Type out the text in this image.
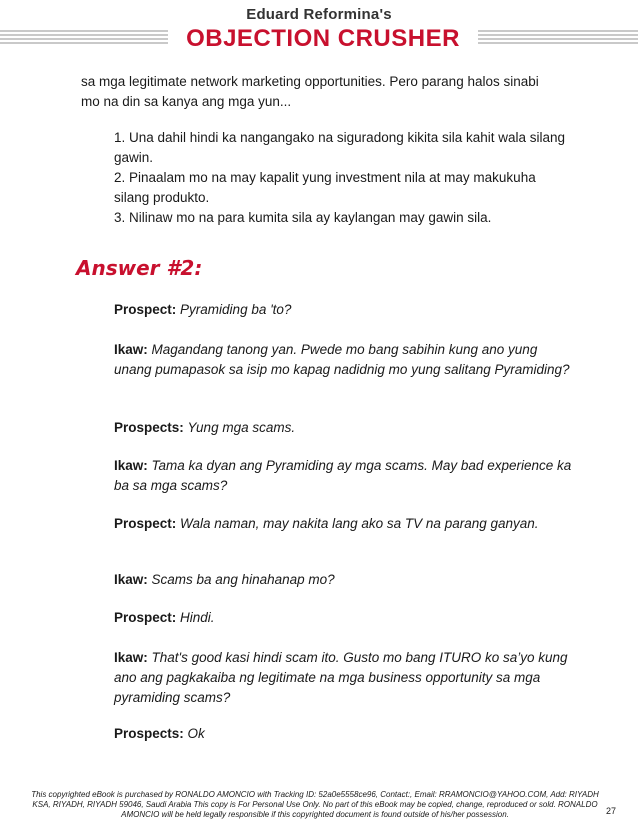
Eduard Reformina's
OBJECTION CRUSHER
sa mga legitimate network marketing opportunities. Pero parang halos sinabi mo na din sa kanya ang mga yun...
1. Una dahil hindi ka nangangako na siguradong kikita sila kahit wala silang gawin.
2. Pinaalam mo na may kapalit yung investment nila at may makukuha silang produkto.
3. Nilinaw mo na para kumita sila ay kaylangan may gawin sila.
Answer #2:
Prospect: Pyramiding ba 'to?
Ikaw: Magandang tanong yan. Pwede mo bang sabihin kung ano yung unang pumapasok sa isip mo kapag nadidnig mo yung salitang Pyramiding?
Prospects: Yung mga scams.
Ikaw: Tama ka dyan ang Pyramiding ay mga scams. May bad experience ka ba sa mga scams?
Prospect: Wala naman, may nakita lang ako sa TV na parang ganyan.
Ikaw: Scams ba ang hinahanap mo?
Prospect: Hindi.
Ikaw: That's good kasi hindi scam ito. Gusto mo bang ITURO ko sa’yo kung ano ang pagkakaiba ng legitimate na mga business opportunity sa mga pyramiding scams?
Prospects: Ok
This copyrighted eBook is purchased by RONALDO AMONCIO with Tracking ID: 52a0e5558ce96, Contact:, Email: RRAMONCIO@YAHOO.COM, Add: RIYADH KSA, RIYADH, RIYADH 59046, Saudi Arabia This copy is For Personal Use Only. No part of this eBook may be copied, change, reproduced or sold. RONALDO AMONCIO will be held legally responsible if this copyrighted document is found outside of his/her possession.	27
